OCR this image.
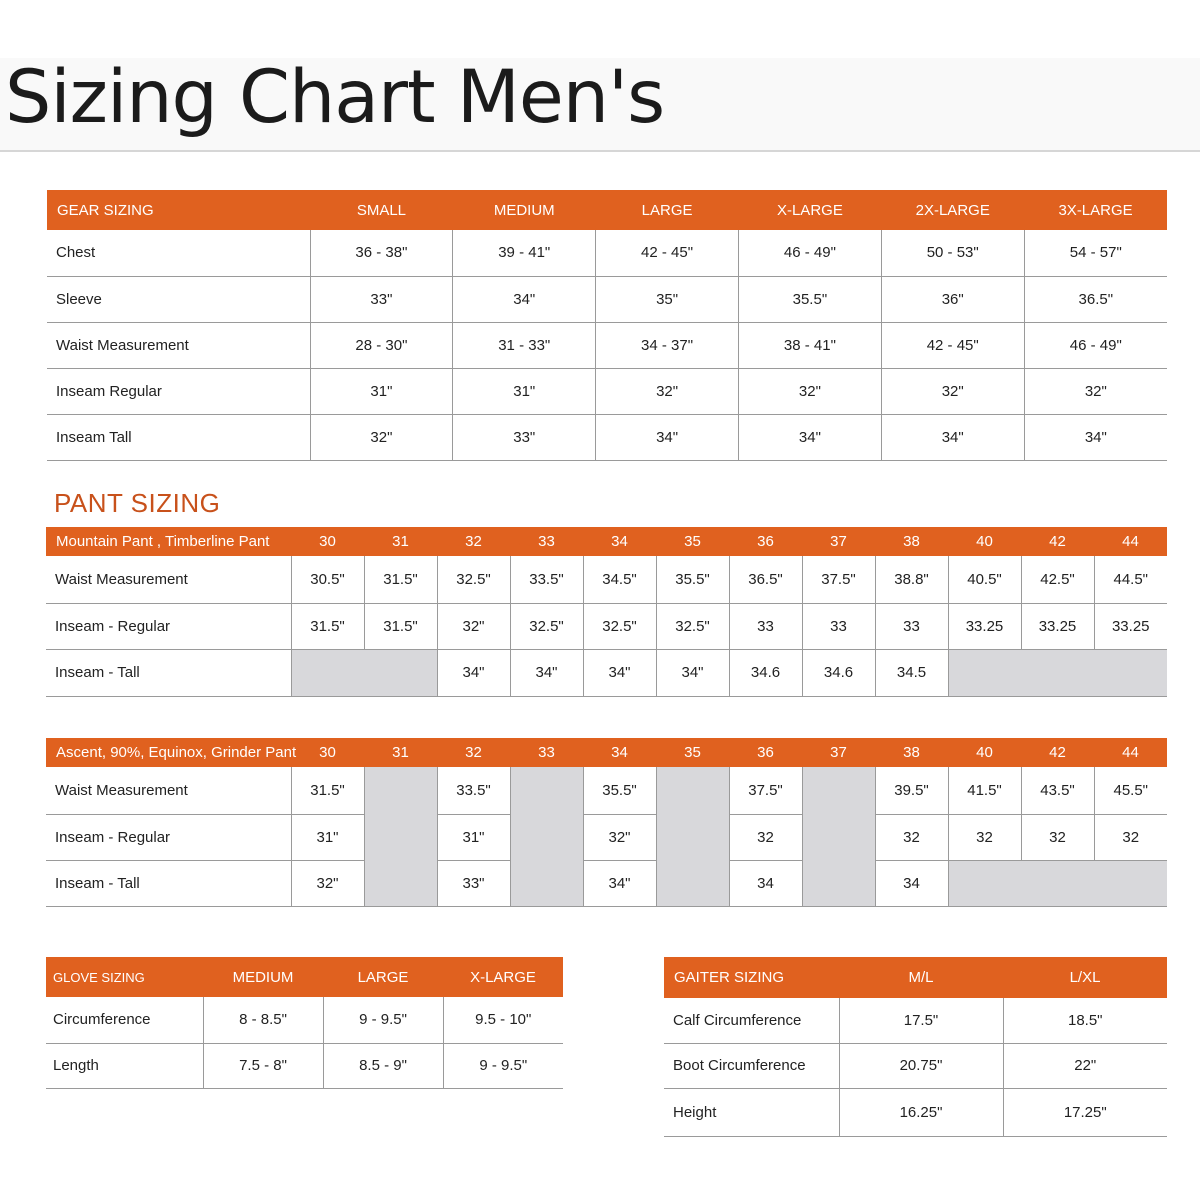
Sizing Chart Men's
GEAR SIZING	SMALL	MEDIUM	LARGE	X-LARGE	2X-LARGE	3X-LARGE
Chest	36 - 38"	39 - 41"	42 - 45"	46 - 49"	50 - 53"	54 - 57"
Sleeve	33"	34"	35"	35.5"	36"	36.5"
Waist Measurement	28 - 30"	31 - 33"	34 - 37"	38 - 41"	42 - 45"	46 - 49"
Inseam Regular	31"	31"	32"	32"	32"	32"
Inseam Tall	32"	33"	34"	34"	34"	34"
PANT SIZING
Mountain Pant , Timberline Pant	30	31	32	33	34	35	36	37	38	40	42	44
Waist Measurement	30.5"	31.5"	32.5"	33.5"	34.5"	35.5"	36.5"	37.5"	38.8"	40.5"	42.5"	44.5"
Inseam - Regular	31.5"	31.5"	32"	32.5"	32.5"	32.5"	33	33	33	33.25	33.25	33.25
Inseam - Tall			34"	34"	34"	34"	34.6	34.6	34.5			
Ascent, 90%, Equinox, Grinder Pant	30	31	32	33	34	35	36	37	38	40	42	44
Waist Measurement	31.5"		33.5"		35.5"		37.5"		39.5"	41.5"	43.5"	45.5"
Inseam - Regular	31"		31"		32"		32		32	32	32	32
Inseam - Tall	32"		33"		34"		34		34			
GLOVE SIZING	MEDIUM	LARGE	X-LARGE
Circumference	8 - 8.5"	9 - 9.5"	9.5 - 10"
Length	7.5 - 8"	8.5 - 9"	9 - 9.5"
GAITER SIZING	M/L	L/XL
Calf Circumference	17.5"	18.5"
Boot Circumference	20.75"	22"
Height	16.25"	17.25"
